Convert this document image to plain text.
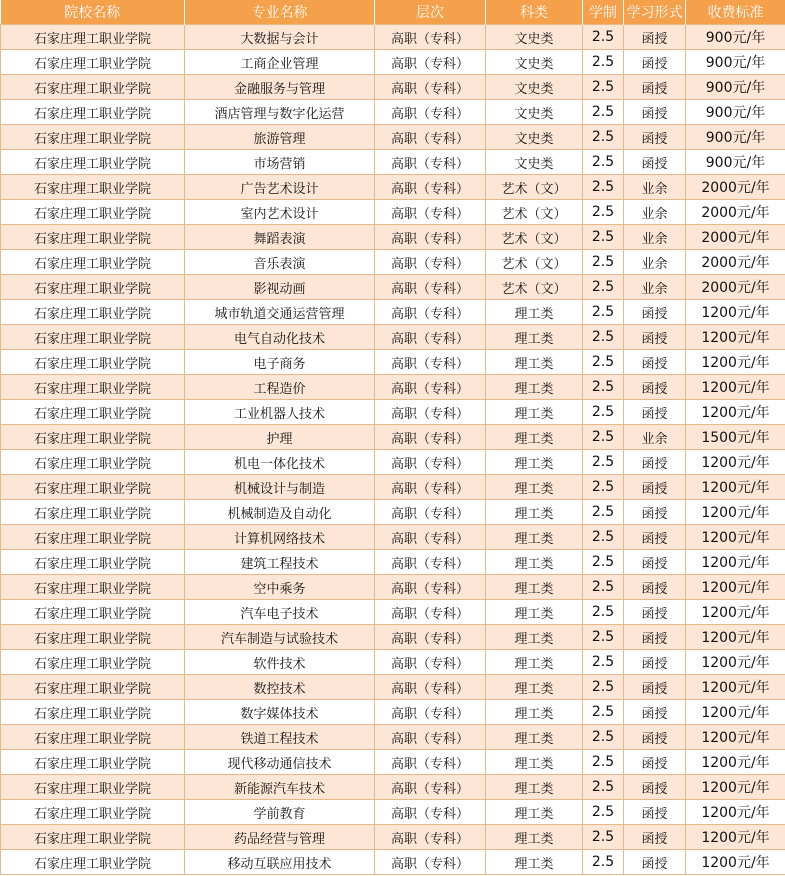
院校名称	专业名称	层次	科类	学制	学习形式	收费标准
石家庄理工职业学院	大数据与会计	高职（专科）	文史类	2.5	函授	900元/年
石家庄理工职业学院	工商企业管理	高职（专科）	文史类	2.5	函授	900元/年
石家庄理工职业学院	金融服务与管理	高职（专科）	文史类	2.5	函授	900元/年
石家庄理工职业学院	酒店管理与数字化运营	高职（专科）	文史类	2.5	函授	900元/年
石家庄理工职业学院	旅游管理	高职（专科）	文史类	2.5	函授	900元/年
石家庄理工职业学院	市场营销	高职（专科）	文史类	2.5	函授	900元/年
石家庄理工职业学院	广告艺术设计	高职（专科）	艺术（文）	2.5	业余	2000元/年
石家庄理工职业学院	室内艺术设计	高职（专科）	艺术（文）	2.5	业余	2000元/年
石家庄理工职业学院	舞蹈表演	高职（专科）	艺术（文）	2.5	业余	2000元/年
石家庄理工职业学院	音乐表演	高职（专科）	艺术（文）	2.5	业余	2000元/年
石家庄理工职业学院	影视动画	高职（专科）	艺术（文）	2.5	业余	2000元/年
石家庄理工职业学院	城市轨道交通运营管理	高职（专科）	理工类	2.5	函授	1200元/年
石家庄理工职业学院	电气自动化技术	高职（专科）	理工类	2.5	函授	1200元/年
石家庄理工职业学院	电子商务	高职（专科）	理工类	2.5	函授	1200元/年
石家庄理工职业学院	工程造价	高职（专科）	理工类	2.5	函授	1200元/年
石家庄理工职业学院	工业机器人技术	高职（专科）	理工类	2.5	函授	1200元/年
石家庄理工职业学院	护理	高职（专科）	理工类	2.5	业余	1500元/年
石家庄理工职业学院	机电一体化技术	高职（专科）	理工类	2.5	函授	1200元/年
石家庄理工职业学院	机械设计与制造	高职（专科）	理工类	2.5	函授	1200元/年
石家庄理工职业学院	机械制造及自动化	高职（专科）	理工类	2.5	函授	1200元/年
石家庄理工职业学院	计算机网络技术	高职（专科）	理工类	2.5	函授	1200元/年
石家庄理工职业学院	建筑工程技术	高职（专科）	理工类	2.5	函授	1200元/年
石家庄理工职业学院	空中乘务	高职（专科）	理工类	2.5	函授	1200元/年
石家庄理工职业学院	汽车电子技术	高职（专科）	理工类	2.5	函授	1200元/年
石家庄理工职业学院	汽车制造与试验技术	高职（专科）	理工类	2.5	函授	1200元/年
石家庄理工职业学院	软件技术	高职（专科）	理工类	2.5	函授	1200元/年
石家庄理工职业学院	数控技术	高职（专科）	理工类	2.5	函授	1200元/年
石家庄理工职业学院	数字媒体技术	高职（专科）	理工类	2.5	函授	1200元/年
石家庄理工职业学院	铁道工程技术	高职（专科）	理工类	2.5	函授	1200元/年
石家庄理工职业学院	现代移动通信技术	高职（专科）	理工类	2.5	函授	1200元/年
石家庄理工职业学院	新能源汽车技术	高职（专科）	理工类	2.5	函授	1200元/年
石家庄理工职业学院	学前教育	高职（专科）	理工类	2.5	函授	1200元/年
石家庄理工职业学院	药品经营与管理	高职（专科）	理工类	2.5	函授	1200元/年
石家庄理工职业学院	移动互联应用技术	高职（专科）	理工类	2.5	函授	1200元/年
